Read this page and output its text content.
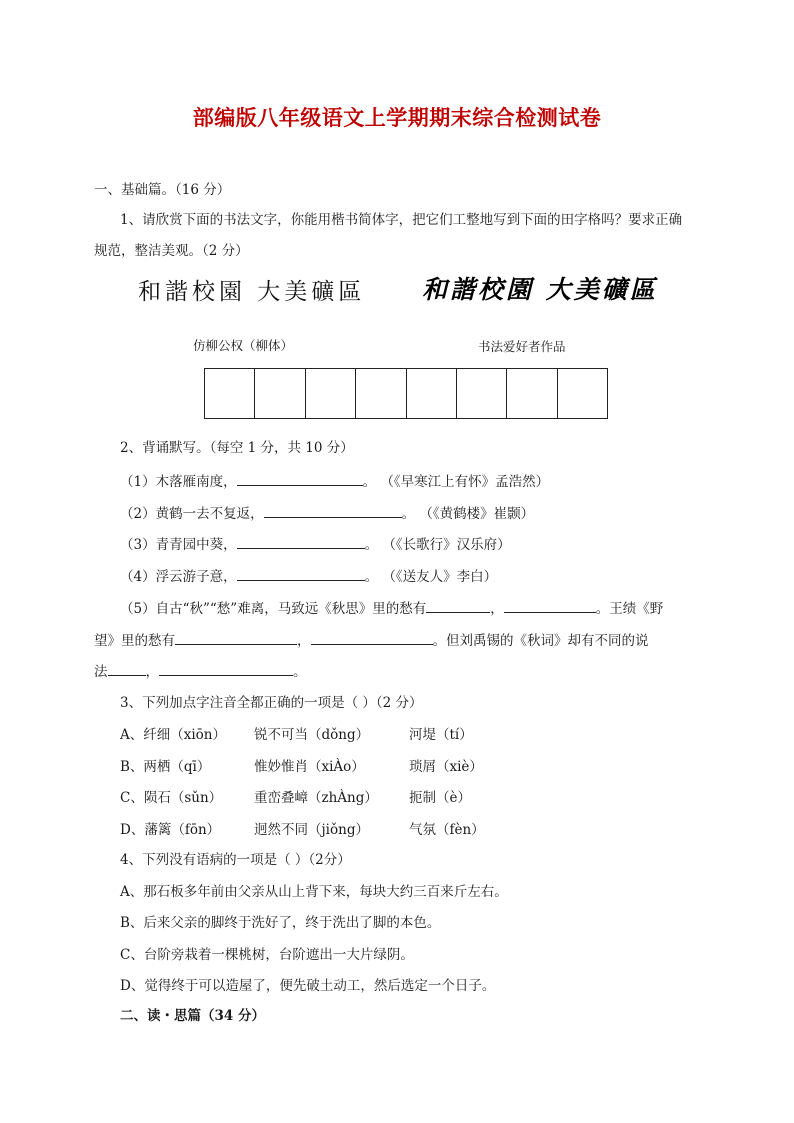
部编版八年级语文上学期期末综合检测试卷
一、基础篇。（16 分）
1、请欣赏下面的书法文字，你能用楷书简体字，把它们工整地写到下面的田字格吗？要求正确
规范，整洁美观。（2 分）
和諧校園 大美礦區 和諧校園 大美礦區
仿柳公权（柳体）	书法爱好者作品
2、背诵默写。（每空 1 分，共 10 分）
（1）木落雁南度，	。 （《早寒江上有怀》孟浩然）
（2）黄鹤一去不复返，	。 （《黄鹤楼》崔颢）
（3）青青园中葵，	。 （《长歌行》汉乐府）
（4）浮云游子意，	。 （《送友人》李白）
（5）自古“秋”“愁”难离，马致远《秋思》里的愁有	，	。王绩《野
望》里的愁有	，	。但刘禹锡的《秋词》却有不同的说
法	，	。
3、下列加点字注音全都正确的一项是（ ）（2 分）
A、纤细（xiōn） 锐不可当（dǒng）	河堤（tí）
B、两栖（qī）	惟妙惟肖（xiÀo）	琐屑（xiè）
C、陨石（sǔn） 重峦叠嶂（zhÀng） 扼制（è）
D、藩篱（fōn）	迥然不同（jiǒng）	气氛（fèn）
4、下列没有语病的一项是（ ）（2分）
A、那石板多年前由父亲从山上背下来，每块大约三百来斤左右。
B、后来父亲的脚终于洗好了，终于洗出了脚的本色。
C、台阶旁栽着一棵桃树，台阶遮出一大片绿阴。
D、觉得终于可以造屋了，便先破土动工，然后选定一个日子。
二、读・思篇（34 分）
